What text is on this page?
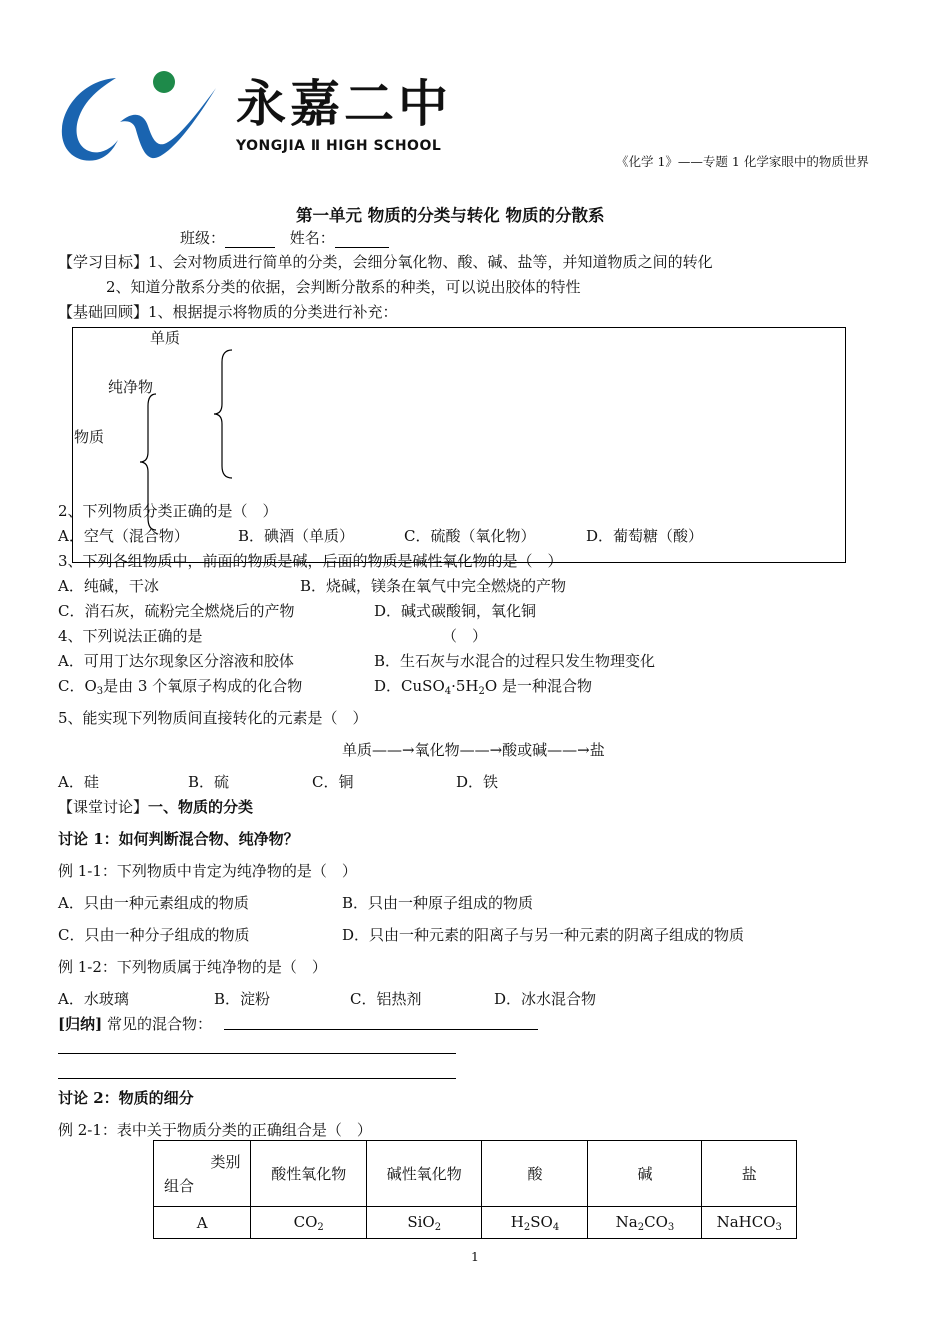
永嘉二中
YONGJIA Ⅱ HIGH SCHOOL
《化学 1》——专题 1 化学家眼中的物质世界
第一单元 物质的分类与转化 物质的分散系
班级：	姓名：
【学习目标】1、会对物质进行简单的分类，会细分氧化物、酸、碱、盐等，并知道物质之间的转化
2、知道分散系分类的依据，会判断分散系的种类，可以说出胶体的特性
【基础回顾】1、根据提示将物质的分类进行补充：
单质
纯净物
物质
2、下列物质分类正确的是（　）
A．空气（混合物）	B．碘酒（单质）	C．硫酸（氧化物）	D．葡萄糖（酸）
3、下列各组物质中，前面的物质是碱，后面的物质是碱性氧化物的是（　）
A．纯碱，干冰	B．烧碱，镁条在氧气中完全燃烧的产物
C．消石灰，硫粉完全燃烧后的产物	D．碱式碳酸铜，氧化铜
4、下列说法正确的是	（　）
A．可用丁达尔现象区分溶液和胶体	B．生石灰与水混合的过程只发生物理变化
C．$O_3$是由 3 个氧原子构成的化合物	D．$CuSO_4\cdot 5H_2O$ 是一种混合物
5、能实现下列物质间直接转化的元素是（　）
单质——→氧化物——→酸或碱——→盐
A．硅	B．硫	C．铜	D．铁
【课堂讨论】一、物质的分类
讨论 1：如何判断混合物、纯净物？
例 1-1：下列物质中肯定为纯净物的是（　）
A．只由一种元素组成的物质	B．只由一种原子组成的物质
C．只由一种分子组成的物质	D．只由一种元素的阳离子与另一种元素的阴离子组成的物质
例 1-2：下列物质属于纯净物的是（　）
A．水玻璃	B．淀粉	C．铝热剂	D．冰水混合物
[归纳] 常见的混合物：
讨论 2：物质的细分
例 2-1：表中关于物质分类的正确组合是（　）
类别
组合	酸性氧化物	碱性氧化物	酸	碱	盐
A	$CO_2$	SiO$_2$	$H_2SO_4$	$Na_2CO_3$	NaHCO$_3$
1
